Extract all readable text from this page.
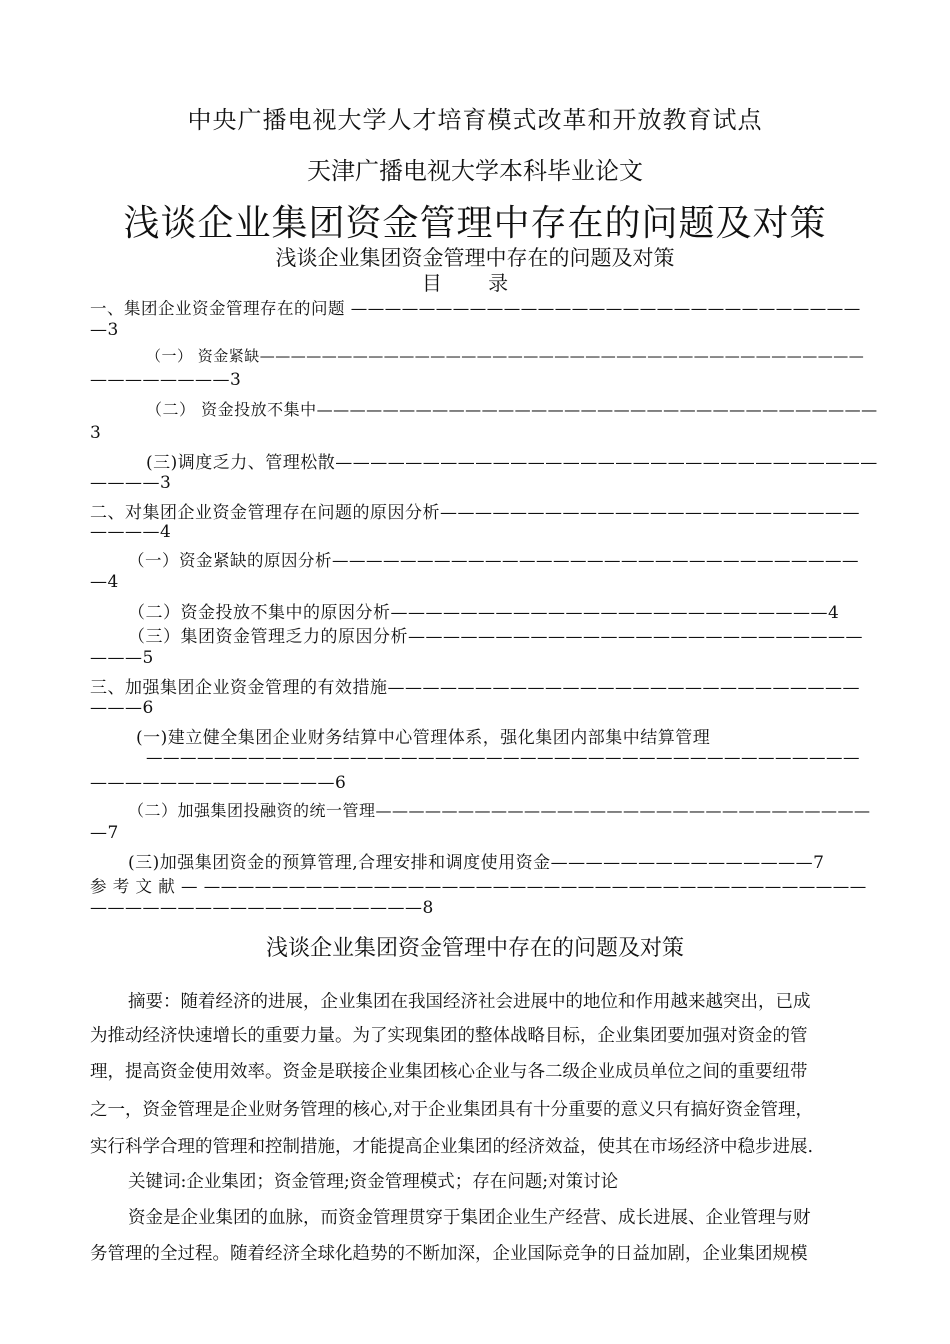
中央广播电视大学人才培育模式改革和开放教育试点
天津广播电视大学本科毕业论文
浅谈企业集团资金管理中存在的问题及对策
浅谈企业集团资金管理中存在的问题及对策
目 录
一、集团企业资金管理存在的问题 ——————————————————————————————
—3
（一） 资金紧缺———————————————————————————————————————
————————3
（二） 资金投放不集中——————————————————————————————————
3
(三)调度乏力、管理松散———————————————————————————————
————3
二、对集团企业资金管理存在问题的原因分析————————————————————————
————4
（一）资金紧缺的原因分析———————————————————————————————
—4
（二）资金投放不集中的原因分析—————————————————————————4
（三）集团资金管理乏力的原因分析——————————————————————————
———5
三、加强集团企业资金管理的有效措施———————————————————————————
———6
(一)建立健全集团企业财务结算中心管理体系，强化集团内部集中结算管理
——————————————————————————————————————————
——————————————6
（二）加强集团投融资的统一管理——————————————————————————————
—7
(三)加强集团资金的预算管理,合理安排和调度使用资金———————————————7
参 考 文 献 — ———————————————————————————————————————
———————————————————8
浅谈企业集团资金管理中存在的问题及对策
摘要：随着经济的进展，企业集团在我国经济社会进展中的地位和作用越来越突出，已成
为推动经济快速增长的重要力量。为了实现集团的整体战略目标，企业集团要加强对资金的管
理，提高资金使用效率。资金是联接企业集团核心企业与各二级企业成员单位之间的重要纽带
之一，资金管理是企业财务管理的核心,对于企业集团具有十分重要的意义只有搞好资金管理，
实行科学合理的管理和控制措施，才能提高企业集团的经济效益，使其在市场经济中稳步进展.
关键词:企业集团；资金管理;资金管理模式；存在问题;对策讨论
资金是企业集团的血脉，而资金管理贯穿于集团企业生产经营、成长进展、企业管理与财
务管理的全过程。随着经济全球化趋势的不断加深，企业国际竞争的日益加剧，企业集团规模
